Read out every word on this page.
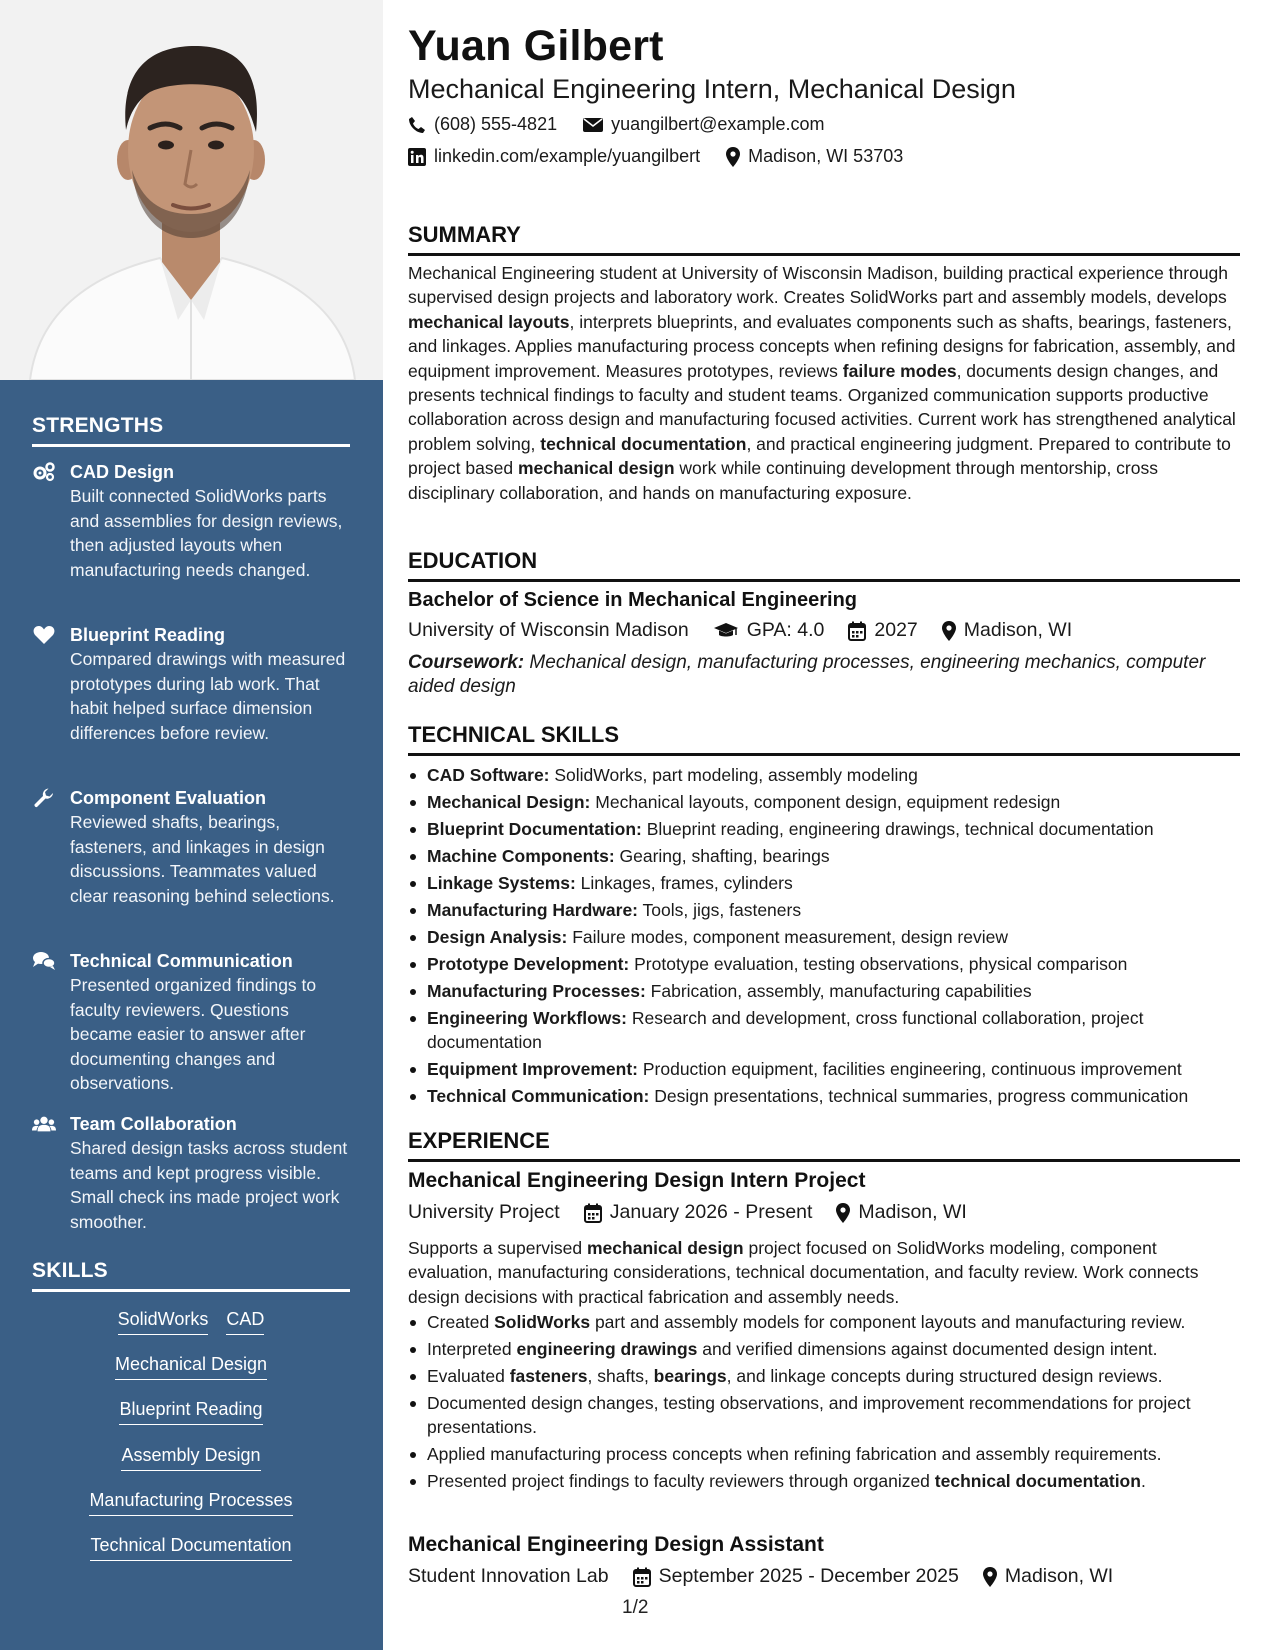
STRENGTHS
CAD Design
Built connected SolidWorks parts and assemblies for design reviews, then adjusted layouts when manufacturing needs changed.
Blueprint Reading
Compared drawings with measured prototypes during lab work. That habit helped surface dimension differences before review.
Component Evaluation
Reviewed shafts, bearings, fasteners, and linkages in design discussions. Teammates valued clear reasoning behind selections.
Technical Communication
Presented organized findings to faculty reviewers. Questions became easier to answer after documenting changes and observations.
Team Collaboration
Shared design tasks across student teams and kept progress visible. Small check ins made project work smoother.
SKILLS
SolidWorks CAD
Mechanical Design
Blueprint Reading
Assembly Design
Manufacturing Processes
Technical Documentation
Yuan Gilbert
Mechanical Engineering Intern, Mechanical Design
(608) 555-4821	yuangilbert@example.com
linkedin.com/example/yuangilbert	Madison, WI 53703
SUMMARY
Mechanical Engineering student at University of Wisconsin Madison, building practical experience through supervised design projects and laboratory work. Creates SolidWorks part and assembly models, develops mechanical layouts, interprets blueprints, and evaluates components such as shafts, bearings, fasteners, and linkages. Applies manufacturing process concepts when refining designs for fabrication, assembly, and equipment improvement. Measures prototypes, reviews failure modes, documents design changes, and presents technical findings to faculty and student teams. Organized communication supports productive collaboration across design and manufacturing focused activities. Current work has strengthened analytical problem solving, technical documentation, and practical engineering judgment. Prepared to contribute to project based mechanical design work while continuing development through mentorship, cross disciplinary collaboration, and hands on manufacturing exposure.
EDUCATION
Bachelor of Science in Mechanical Engineering
University of Wisconsin Madison	GPA: 4.0	2027 Madison, WI
Coursework: Mechanical design, manufacturing processes, engineering mechanics, computer aided design
TECHNICAL SKILLS
CAD Software: SolidWorks, part modeling, assembly modeling
Mechanical Design: Mechanical layouts, component design, equipment redesign
Blueprint Documentation: Blueprint reading, engineering drawings, technical documentation
Machine Components: Gearing, shafting, bearings
Linkage Systems: Linkages, frames, cylinders
Manufacturing Hardware: Tools, jigs, fasteners
Design Analysis: Failure modes, component measurement, design review
Prototype Development: Prototype evaluation, testing observations, physical comparison
Manufacturing Processes: Fabrication, assembly, manufacturing capabilities
Engineering Workflows: Research and development, cross functional collaboration, project documentation
Equipment Improvement: Production equipment, facilities engineering, continuous improvement
Technical Communication: Design presentations, technical summaries, progress communication
EXPERIENCE
Mechanical Engineering Design Intern Project
University Project	January 2026 - Present Madison, WI
Supports a supervised mechanical design project focused on SolidWorks modeling, component evaluation, manufacturing considerations, technical documentation, and faculty review. Work connects design decisions with practical fabrication and assembly needs.
Created SolidWorks part and assembly models for component layouts and manufacturing review.
Interpreted engineering drawings and verified dimensions against documented design intent.
Evaluated fasteners, shafts, bearings, and linkage concepts during structured design reviews.
Documented design changes, testing observations, and improvement recommendations for project presentations.
Applied manufacturing process concepts when refining fabrication and assembly requirements.
Presented project findings to faculty reviewers through organized technical documentation.
Mechanical Engineering Design Assistant
Student Innovation Lab	September 2025 - December 2025 Madison, WI
1/2
